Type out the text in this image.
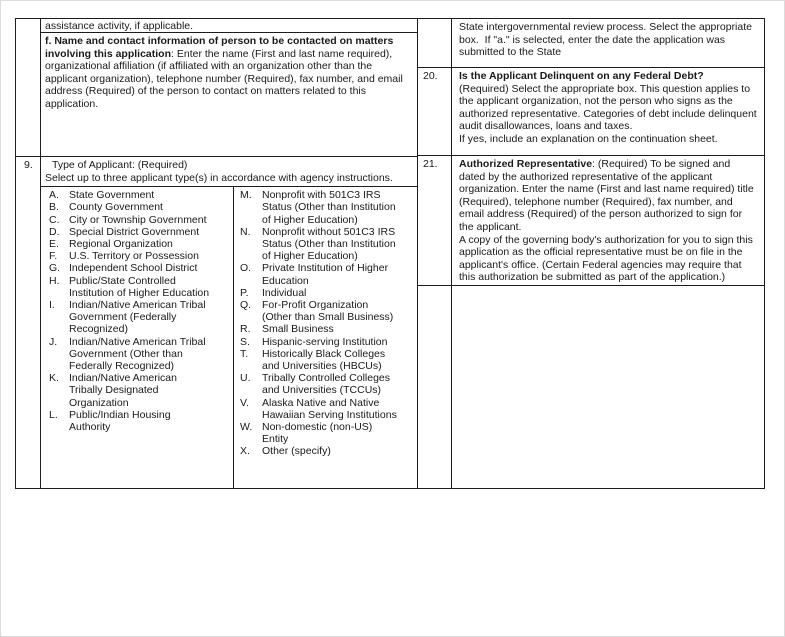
assistance activity, if applicable.

f. Name and contact information of person to be contacted on matters involving this application: Enter the name (First and last name required), organizational affiliation (if affiliated with an organization other than the applicant organization), telephone number (Required), fax number, and email address (Required) of the person to contact on matters related to this application.

9.	Type of Applicant: (Required)
Select up to three applicant type(s) in accordance with agency instructions.
A. State Government
B. County Government
C. City or Township Government
D. Special District Government
E. Regional Organization
F.	U.S. Territory or Possession
G. Independent School District
H. Public/State Controlled Institution of Higher Education
I.	Indian/Native American Tribal Government (Federally Recognized)
J.	Indian/Native American Tribal Government (Other than Federally Recognized)
K. Indian/Native American Tribally Designated Organization
L.	Public/Indian Housing Authority
M. Nonprofit with 501C3 IRS Status (Other than Institution of Higher Education)
N.	Nonprofit without 501C3 IRS Status (Other than Institution of Higher Education)
O.	Private Institution of Higher Education
P.	Individual
Q.	For-Profit Organization (Other than Small Business)
R.	Small Business
S.	Hispanic-serving Institution
T.	Historically Black Colleges and Universities (HBCUs)
U.	Tribally Controlled Colleges and Universities (TCCUs)
V.	Alaska Native and Native Hawaiian Serving Institutions
W. Non-domestic (non-US) Entity
X.	Other (specify)

State intergovernmental review process. Select the appropriate box.  If "a." is selected, enter the date the application was submitted to the State

20.	Is the Applicant Delinquent on any Federal Debt?

(Required) Select the appropriate box. This question applies to the applicant organization, not the person who signs as the authorized representative. Categories of debt include delinquent audit disallowances, loans and taxes.

If yes, include an explanation on the continuation sheet.

21.	Authorized Representative: (Required) To be signed and dated by the authorized representative of the applicant organization. Enter the name (First and last name required) title (Required), telephone number (Required), fax number, and email address (Required) of the person authorized to sign for the applicant.

A copy of the governing body's authorization for you to sign this application as the official representative must be on file in the applicant's office. (Certain Federal agencies may require that this authorization be submitted as part of the application.)
